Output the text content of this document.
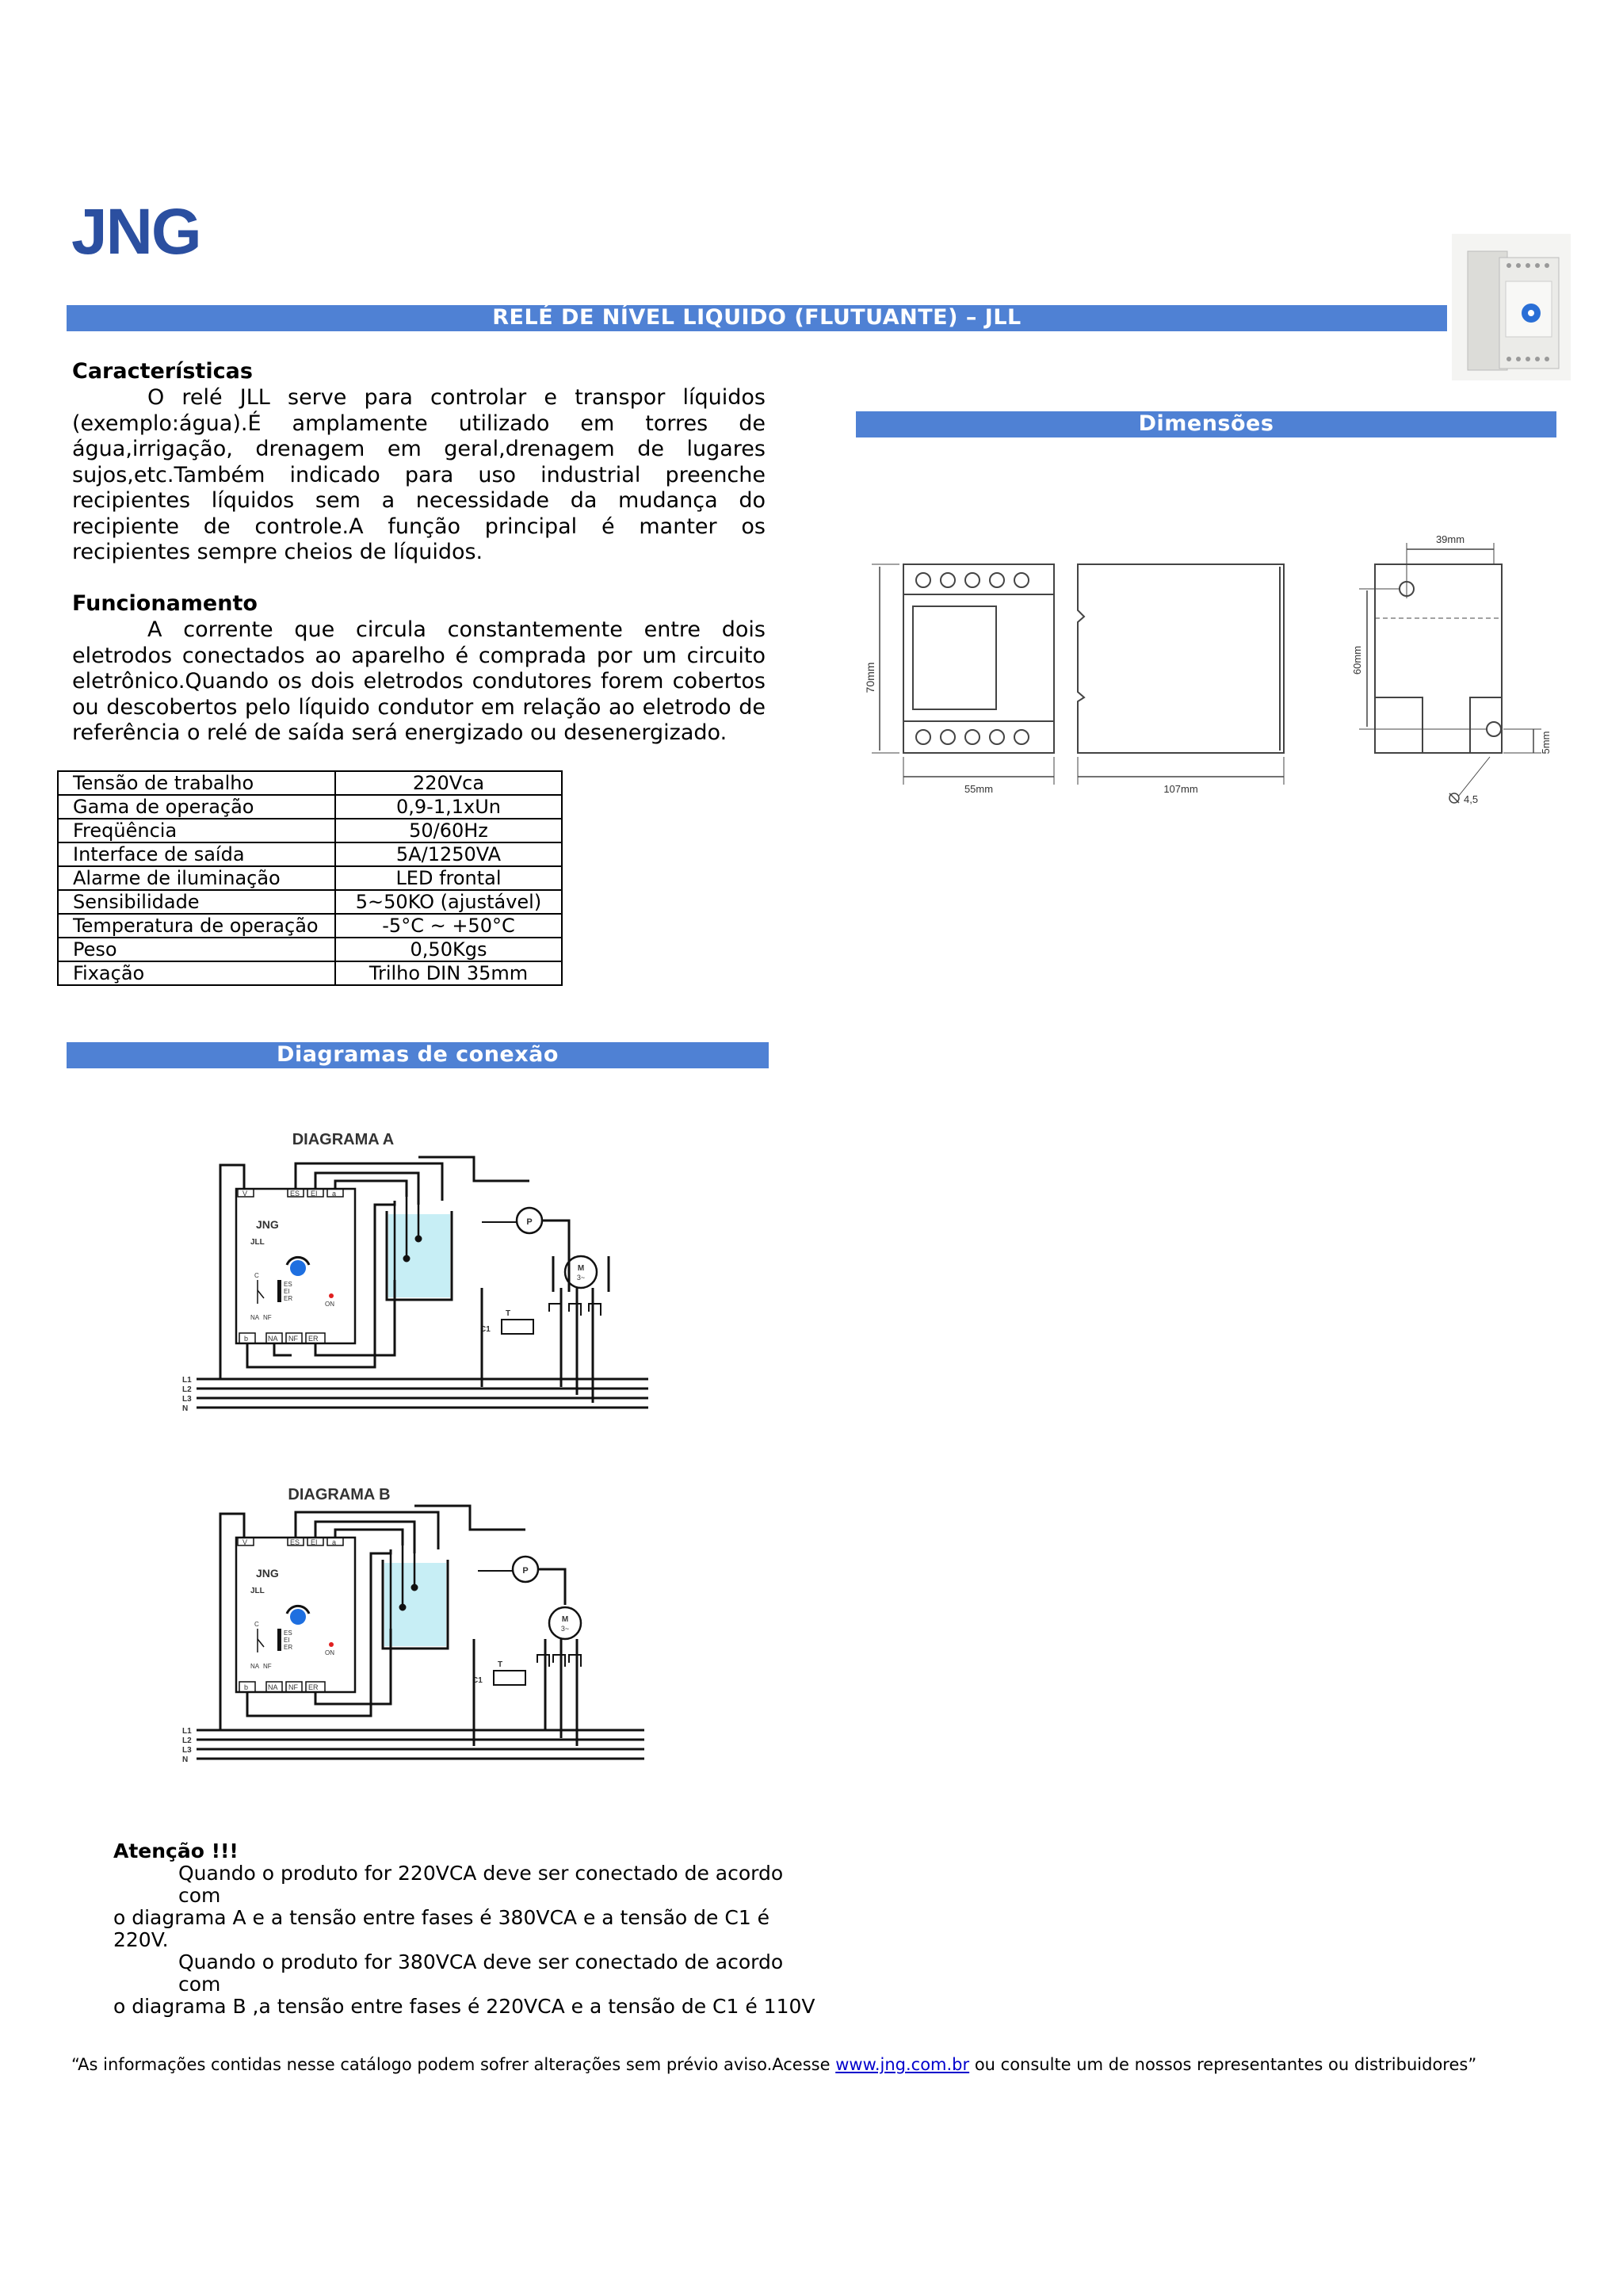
JNG
RELÉ DE NÍVEL LIQUIDO (FLUTUANTE) – JLL
Características
O relé JLL serve para controlar e transpor líquidos (exemplo:água).É amplamente utilizado em torres de água,irrigação, drenagem em geral,drenagem de lugares sujos,etc.Também indicado para uso industrial preenche recipientes líquidos sem a necessidade da mudança do recipiente de controle.A função principal é manter os recipientes sempre cheios de líquidos.
Funcionamento
A corrente que circula constantemente entre dois eletrodos conectados ao aparelho é comprada por um circuito eletrônico.Quando os dois eletrodos condutores forem cobertos ou descobertos pelo líquido condutor em relação ao eletrodo de referência o relé de saída será energizado ou desenergizado.
Tensão de trabalho	220Vca
Gama de operação	0,9-1,1xUn
Freqüência	50/60Hz
Interface de saída	5A/1250VA
Alarme de iluminação	LED frontal
Sensibilidade	5~50KO (ajustável)
Temperatura de operação	-5°C ~ +50°C
Peso	0,50Kgs
Fixação	Trilho DIN 35mm
Dimensões
70mm
55mm	107mm
39mm
60mm
5mm
4,5
Diagramas de conexão
DIAGRAMA A
V	ES EI a
b	NA NF ER
JNG
JLL
C
NA NF
ES
EI
ER
ON
P
M
3~
T
C1
L1
L2
L3
N
DIAGRAMA B
V	ES EI a
b	NA NF ER
JNG
JLL
C
NA NF
ES
EI
ER
ON
P
M
3~
T
C1
L1
L2
L3
N
Atenção !!!
Quando o produto for 220VCA deve ser conectado de acordo com
o diagrama A e a tensão entre fases é 380VCA e a tensão de C1 é 220V.
Quando o produto for 380VCA deve ser conectado de acordo com
o diagrama B ,a tensão entre fases é 220VCA e a tensão de C1 é 110V
“As informações contidas nesse catálogo podem sofrer alterações sem prévio aviso.Acesse www.jng.com.br ou consulte um de nossos representantes ou distribuidores”
